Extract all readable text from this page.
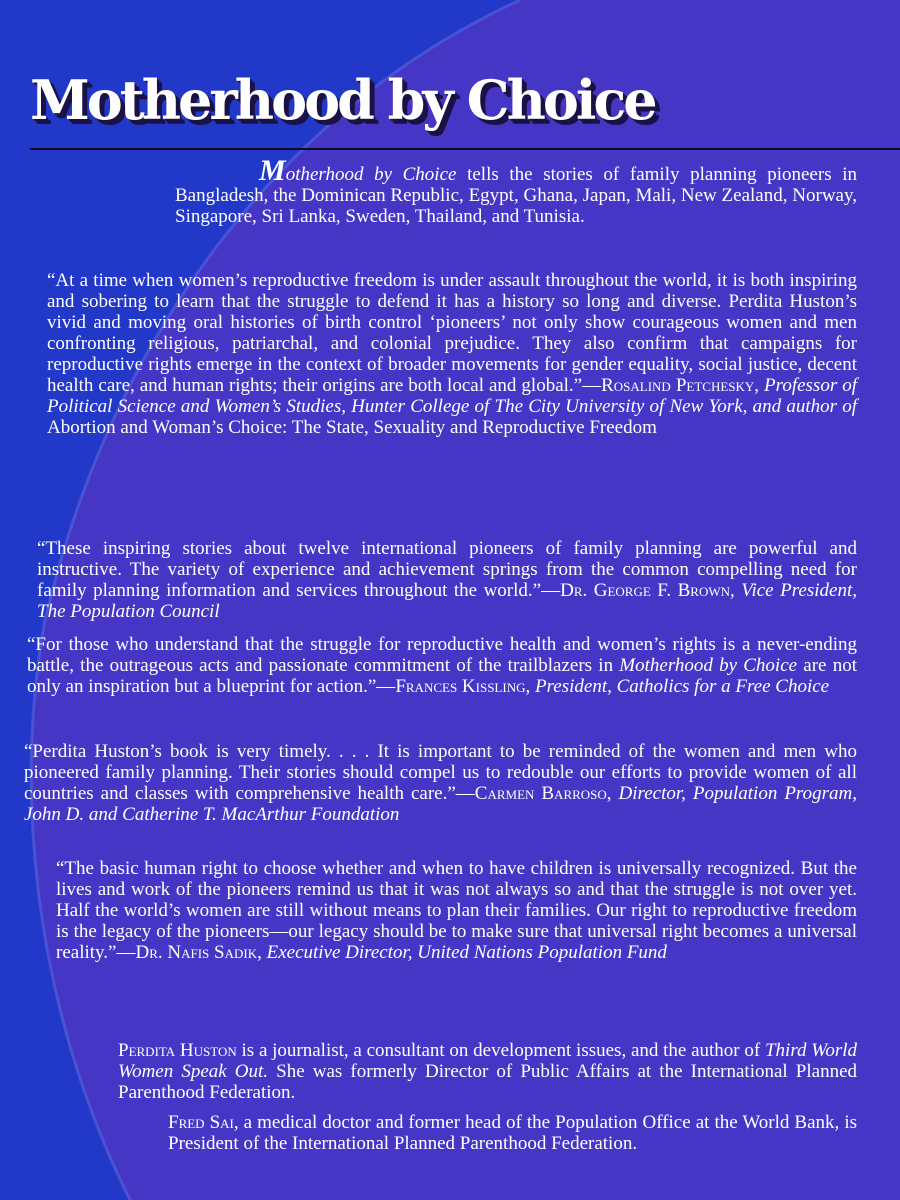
Motherhood by Choice

Motherhood by Choice tells the stories of family planning pioneers in Bangladesh, the Dominican Republic, Egypt, Ghana, Japan, Mali, New Zealand, Norway, Singapore, Sri Lanka, Sweden, Thailand, and Tunisia.

“At a time when women’s reproductive freedom is under assault throughout the world, it is both inspiring and sobering to learn that the struggle to defend it has a history so long and diverse. Perdita Huston’s vivid and moving oral histories of birth control ‘pioneers’ not only show courageous women and men confronting religious, patriarchal, and colonial prejudice. They also confirm that campaigns for reproductive rights emerge in the context of broader movements for gender equality, social justice, decent health care, and human rights; their origins are both local and global.”—Rosalind Petchesky, Professor of Political Science and Women’s Studies, Hunter College of The City University of New York, and author of Abortion and Woman’s Choice: The State, Sexuality and Reproductive Freedom

“These inspiring stories about twelve international pioneers of family planning are powerful and instructive. The variety of experience and achievement springs from the common compelling need for family planning information and services throughout the world.”—Dr. George F. Brown, Vice President, The Population Council

“For those who understand that the struggle for reproductive health and women’s rights is a never-ending battle, the outrageous acts and passionate commitment of the trailblazers in Motherhood by Choice are not only an inspiration but a blueprint for action.”—Frances Kissling, President, Catholics for a Free Choice

“Perdita Huston’s book is very timely. . . . It is important to be reminded of the women and men who pioneered family planning. Their stories should compel us to redouble our efforts to provide women of all countries and classes with comprehensive health care.”—Carmen Barroso, Director, Population Program, John D. and Catherine T. MacArthur Foundation

“The basic human right to choose whether and when to have children is universally recognized. But the lives and work of the pioneers remind us that it was not always so and that the struggle is not over yet. Half the world’s women are still without means to plan their families. Our right to reproductive freedom is the legacy of the pioneers—our legacy should be to make sure that universal right becomes a universal reality.”—Dr. Nafis Sadik, Executive Director, United Nations Population Fund

Perdita Huston is a journalist, a consultant on development issues, and the author of Third World Women Speak Out. She was formerly Director of Public Affairs at the International Planned Parenthood Federation.

Fred Sai, a medical doctor and former head of the Population Office at the World Bank, is President of the International Planned Parenthood Federation.
